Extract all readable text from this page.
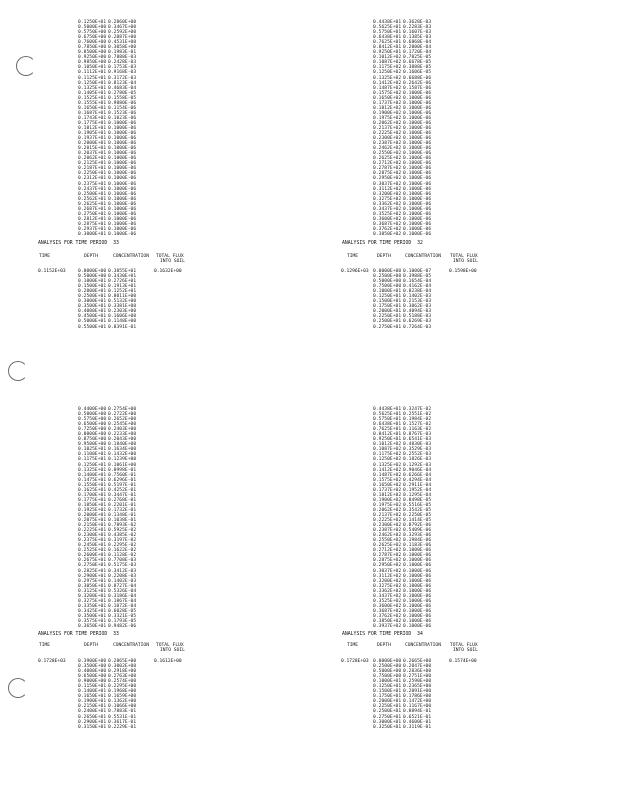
0.1250E+01 0.2860E+00
0.5000E+00 0.3467E+00
0.5750E+00 0.2592E+00
0.6750E+00 0.2087E+00
0.7600E+00 0.4531E+00
0.7850E+00 0.3058E+00
0.8500E+00 0.1983E-01
0.9250E+00 0.7888E-03
0.9850E+00 0.2428E-03
0.1050E+01 0.1753E-03
0.1112E+01 0.9168E-03
0.1125E+01 0.3172E-03
0.1250E+01 0.8123E-04
0.1325E+01 0.4683E-04
0.1405E+01 0.2780E-05
0.1525E+01 0.1558E-05
0.1555E+01 0.9880E-06
0.1650E+01 0.1154E-06
0.1687E+01 0.1523E-06
0.1743E+01 0.1023E-06
0.1775E+01 0.1000E-06
0.1812E+01 0.1000E-06
0.1905E+01 0.1000E-06
0.1937E+01 0.1000E-06
0.2000E+01 0.1000E-06
0.2015E+01 0.1000E-06
0.2037E+01 0.1000E-06
0.2062E+01 0.1000E-06
0.2125E+01 0.1000E-06
0.2187E+01 0.1000E-06
0.2250E+01 0.1000E-06
0.2312E+01 0.1000E-06
0.2375E+01 0.1000E-06
0.2437E+01 0.1000E-06
0.2500E+01 0.1000E-06
0.2562E+01 0.1000E-06
0.2625E+01 0.1000E-06
0.2687E+01 0.1000E-06
0.2750E+01 0.1000E-06
0.2812E+01 0.1000E-06
0.2875E+01 0.1000E-06
0.2937E+01 0.1000E-06
0.3000E+01 0.1000E-06
0.4438E+01 0.3628E-03
0.5625E+01 0.2283E-03
0.5750E+01 0.1607E-03
0.6438E+01 0.1385E-03
0.7625E+01 0.6868E-04
0.8412E+01 0.2000E-04
0.9250E+01 0.1720E-04
0.1012E+02 0.7825E-05
0.1087E+02 0.6678E-05
0.1175E+02 0.3888E-05
0.1250E+02 0.1606E-05
0.1325E+02 0.6688E-06
0.1412E+02 0.2642E-06
0.1487E+02 0.1587E-06
0.1575E+02 0.1000E-06
0.1650E+02 0.1000E-06
0.1737E+02 0.1000E-06
0.1812E+02 0.1000E-06
0.1900E+02 0.1000E-06
0.1975E+02 0.1000E-06
0.2062E+02 0.1000E-06
0.2137E+02 0.1000E-06
0.2225E+02 0.1000E-06
0.2300E+02 0.1000E-06
0.2387E+02 0.1000E-06
0.2462E+02 0.1000E-06
0.2550E+02 0.1000E-06
0.2625E+02 0.1000E-06
0.2712E+02 0.1000E-06
0.2787E+02 0.1000E-06
0.2875E+02 0.1000E-06
0.2950E+02 0.1000E-06
0.3037E+02 0.1000E-06
0.3112E+02 0.1000E-06
0.3200E+02 0.1000E-06
0.3275E+02 0.1000E-06
0.3362E+02 0.1000E-06
0.3437E+02 0.1000E-06
0.3525E+02 0.1000E-06
0.3600E+02 0.1000E-06
0.3687E+02 0.1000E-06
0.3762E+02 0.1000E-06
0.3850E+02 0.1000E-06
ANALYSIS FOR TIME PERIOD  33
TIME	DEPTH	CONCENTRATION TOTAL FLUX
INTO SOIL
0.1152E+03	0.1632E+00
0.0000E+00 0.3855E+01
0.5000E+00 0.3430E+01
0.1000E+01 0.2726E+01
0.1500E+01 0.1913E+01
0.2000E+01 0.1252E+01
0.2500E+01 0.8011E+00
0.3000E+01 0.5132E+00
0.3500E+01 0.3381E+00
0.4000E+01 0.2303E+00
0.4500E+01 0.1606E+00
0.5000E+01 0.1148E+00
0.5500E+01 0.8391E-01
ANALYSIS FOR TIME PERIOD  32
TIME	DEPTH	CONCENTRATION TOTAL FLUX
INTO SOIL
0.1296E+03	0.1598E+00
0.0000E+00 0.1000E-07
0.2500E+00 0.3988E-05
0.5000E+00 0.1654E-04
0.7500E+00 0.4162E-04
0.1000E+01 0.8238E-04
0.1250E+01 0.1402E-03
0.1500E+01 0.2153E-03
0.1750E+01 0.3062E-03
0.2000E+01 0.4094E-03
0.2250E+01 0.5188E-03
0.2500E+01 0.6269E-03
0.2750E+01 0.7264E-03
0.4400E+00 0.2754E+00
0.5000E+00 0.2722E+00
0.5750E+00 0.2652E+00
0.6500E+00 0.2545E+00
0.7250E+00 0.2403E+00
0.8000E+00 0.2233E+00
0.8750E+00 0.2043E+00
0.9500E+00 0.1840E+00
0.1025E+01 0.1634E+00
0.1100E+01 0.1432E+00
0.1175E+01 0.1239E+00
0.1250E+01 0.1061E+00
0.1325E+01 0.8998E-01
0.1400E+01 0.7560E-01
0.1475E+01 0.6296E-01
0.1550E+01 0.5197E-01
0.1625E+01 0.4252E-01
0.1700E+01 0.3447E-01
0.1775E+01 0.2768E-01
0.1850E+01 0.2201E-01
0.1925E+01 0.1732E-01
0.2000E+01 0.1348E-01
0.2075E+01 0.1038E-01
0.2150E+01 0.7893E-02
0.2225E+01 0.5925E-02
0.2300E+01 0.4385E-02
0.2375E+01 0.3197E-02
0.2450E+01 0.2295E-02
0.2525E+01 0.1622E-02
0.2600E+01 0.1128E-02
0.2675E+01 0.7708E-03
0.2750E+01 0.5175E-03
0.2825E+01 0.3412E-03
0.2900E+01 0.2208E-03
0.2975E+01 0.1402E-03
0.3050E+01 0.8727E-04
0.3125E+01 0.5326E-04
0.3200E+01 0.3186E-04
0.3275E+01 0.1867E-04
0.3350E+01 0.1072E-04
0.3425E+01 0.6028E-05
0.3500E+01 0.3321E-05
0.3575E+01 0.1793E-05
0.3650E+01 0.9482E-06
0.4438E+01 0.3247E-02
0.5625E+01 0.2551E-02
0.5750E+01 0.1984E-02
0.6438E+01 0.1527E-02
0.7625E+01 0.1163E-02
0.8412E+01 0.8767E-03
0.9250E+01 0.6541E-03
0.1012E+02 0.4830E-03
0.1087E+02 0.3529E-03
0.1175E+02 0.2552E-03
0.1250E+02 0.1826E-03
0.1325E+02 0.1292E-03
0.1412E+02 0.9046E-04
0.1487E+02 0.6266E-04
0.1575E+02 0.4294E-04
0.1650E+02 0.2911E-04
0.1737E+02 0.1952E-04
0.1812E+02 0.1295E-04
0.1900E+02 0.8498E-05
0.1975E+02 0.5516E-05
0.2062E+02 0.3542E-05
0.2137E+02 0.2250E-05
0.2225E+02 0.1414E-05
0.2300E+02 0.8792E-06
0.2387E+02 0.5409E-06
0.2462E+02 0.3293E-06
0.2550E+02 0.1984E-06
0.2625E+02 0.1183E-06
0.2712E+02 0.1000E-06
0.2787E+02 0.1000E-06
0.2875E+02 0.1000E-06
0.2950E+02 0.1000E-06
0.3037E+02 0.1000E-06
0.3112E+02 0.1000E-06
0.3200E+02 0.1000E-06
0.3275E+02 0.1000E-06
0.3362E+02 0.1000E-06
0.3437E+02 0.1000E-06
0.3525E+02 0.1000E-06
0.3600E+02 0.1000E-06
0.3687E+02 0.1000E-06
0.3762E+02 0.1000E-06
0.3850E+02 0.1000E-06
0.3937E+02 0.1000E-06
ANALYSIS FOR TIME PERIOD  33
TIME	DEPTH	CONCENTRATION TOTAL FLUX
INTO SOIL
0.1728E+03	0.1612E+00
0.3900E+00 0.2865E+00
0.3500E+00 0.3002E+00
0.4000E+00 0.2918E+00
0.6500E+00 0.2763E+00
0.9000E+00 0.2574E+00
0.1150E+01 0.2295E+00
0.1400E+01 0.1968E+00
0.1650E+01 0.1659E+00
0.1900E+01 0.1362E+00
0.2150E+01 0.1066E+00
0.2400E+01 0.7883E-01
0.2650E+01 0.5531E-01
0.2900E+01 0.3617E-01
0.3150E+01 0.2229E-01
ANALYSIS FOR TIME PERIOD  34
TIME	DEPTH	CONCENTRATION TOTAL FLUX
INTO SOIL
0.1728E+03	0.1574E+00
0.0000E+00 0.2665E+00
0.2500E+00 0.2847E+00
0.5000E+00 0.2836E+00
0.7500E+00 0.2751E+00
0.1000E+01 0.2590E+00
0.1250E+01 0.2365E+00
0.1500E+01 0.2091E+00
0.1750E+01 0.1786E+00
0.2000E+01 0.1472E+00
0.2250E+01 0.1167E+00
0.2500E+01 0.8894E-01
0.2750E+01 0.6521E-01
0.3000E+01 0.4600E-01
0.3250E+01 0.3119E-01
